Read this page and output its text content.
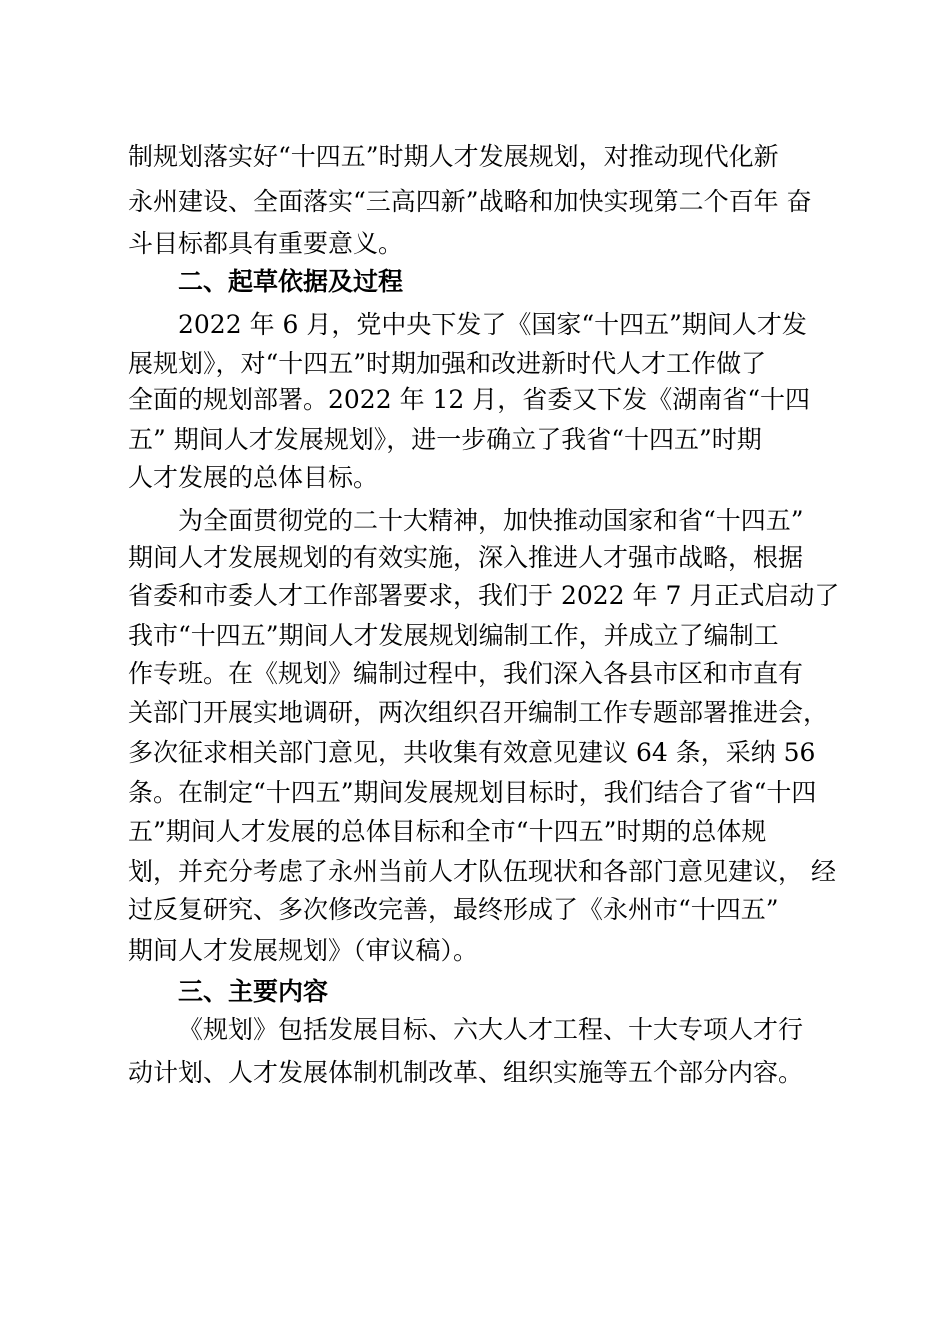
制规划落实好“十四五”时期人才发展规划，对推动现代化新
永州建设、全面落实“三高四新”战略和加快实现第二个百年 奋
斗目标都具有重要意义。
二、起草依据及过程
2022 年 6 月，党中央下发了《国家“十四五”期间人才发
展规划》，对“十四五”时期加强和改进新时代人才工作做了
全面的规划部署。2022 年 12 月，省委又下发《湖南省“十四
五” 期间人才发展规划》，进一步确立了我省“十四五”时期
人才发展的总体目标。
为全面贯彻党的二十大精神，加快推动国家和省“十四五”
期间人才发展规划的有效实施，深入推进人才强市战略，根据
省委和市委人才工作部署要求，我们于 2022 年 7 月正式启动了
我市“十四五”期间人才发展规划编制工作，并成立了编制工
作专班。在《规划》编制过程中，我们深入各县市区和市直有
关部门开展实地调研，两次组织召开编制工作专题部署推进会，
多次征求相关部门意见，共收集有效意见建议 64 条，采纳 56
条。在制定“十四五”期间发展规划目标时，我们结合了省“十四
五”期间人才发展的总体目标和全市“十四五”时期的总体规
划，并充分考虑了永州当前人才队伍现状和各部门意见建议， 经
过反复研究、多次修改完善，最终形成了《永州市“十四五”
期间人才发展规划》（审议稿）。
三、主要内容
《规划》包括发展目标、六大人才工程、十大专项人才行
动计划、人才发展体制机制改革、组织实施等五个部分内容。
